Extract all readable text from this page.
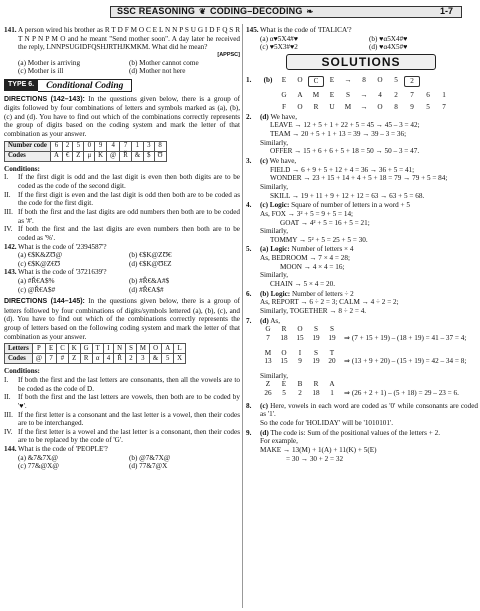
SSC REASONING ❦ CODING–DECODING ❧	1-7
141. A person wired his brother as R T D F M O C E L N N P S U G I D F Q S R T N P N P M O and he meant "Send mother soon". A day later he received the reply, LNNPSUGIDFQSHJRTHJKMKM. What did he mean?
[APPSC]
(a) Mother is arriving	(b) Mother cannot come
(c) Mother is ill	(d) Mother not here
TYPE 6.	Conditional Coding

DIRECTIONS (142–143): In the questions given below, there is a group of digits followed by four combinations of letters and symbols marked as (a), (b), (c) and (d). You have to find out which of the combinations correctly represents the group of digits based on the coding system and mark the letter of that combination as your answer.

Number code	6	2	5	0	9	4	7	1	3	8
Codes	A	€	Z	μ	K	@	Ř	&	$	Ʊ
Conditions:
I.	If the first digit is odd and the last digit is even then both digits are to be coded as the code of the second digit.
II.	If the first digit is even and the last digit is odd then both are to be coded as the code for the first digit.
III. If both the first and the last digits are odd numbers then both are to be coded as '#'.
IV. If both the first and the last digits are even numbers then both are to be coded as '%'.
142. What is the code of '2394587'?
(a) €$K&ZƱ@	(b) €$K@ZƱ€
(c) €$K@Z€Ʊ	(d) €$K@ƱƐZ
143. What is the code of '3721639'?
(a) #Ř€A$%	(b) #Ř€&A#$
(c) @Ř€A$#	(d) #Ř€A$#

DIRECTIONS (144–145): In the questions given below, there is a group of letters followed by four combinations of digits/symbols lettered (a), (b), (c), and (d). You have to find out which of the combinations correctly represents the group of letters based on the following coding system and mark the letter of that combination as your answer.

Letters	P	E	C	K	G	T	I	N	S	M	O	A	L
Codes	@	7	#	Z	R	α	4	Ř	2	3	&	5	X
Conditions:
I.	If both the first and the last letters are consonants, then all the vowels are to be coded as the code of D.
II.	If both the first and the last letters are vowels, then both are to be coded by '♥'.
III. If the first letter is a consonant and the last letter is a vowel, then their codes are to be interchanged.
IV. If the first letter is a vowel and the last letter is a consonant, then their codes are to be replaced by the code of 'G'.
144. What is the code of 'PEOPLE'?
(a) &7&7X@	(b) @7&7X@
(c) 77&@X@	(d) 77&7@X
145. What is the code of 'ITALICA'?
(a) α♥5X4#♥	(b) ♥α5X4#♥
(c) ♥5X3#♥2	(d) ♥α4X5#♥
SOLUTIONS
1.	(b)	E	O	C	E	→	8	O	5	2
G	A	M	E	S	→	4	2	7	6	1
F	O	R	U	M	→	O	8	9	5	7
2.	(d) We have,
LEAVE → 12 + 5 + 1 + 22 + 5 = 45 → 45 – 3 = 42;
TEAM → 20 + 5 + 1 + 13 = 39 → 39 – 3 = 36;
Similarly,
OFFER → 15 + 6 + 6 + 5 + 18 = 50 → 50 – 3 = 47.
3.	(c) We have,
FIELD → 6 + 9 + 5 + 12 + 4 = 36 → 36 + 5 = 41;
WONDER → 23 + 15 + 14 + 4 + 5 + 18 = 79 → 79 + 5 = 84;
Similarly,
SKILL → 19 + 11 + 9 + 12 + 12 = 63 → 63 + 5 = 68.
4.	(c) Logic: Square of number of letters in a word + 5
As, FOX → 3² + 5 = 9 + 5 = 14;
GOAT → 4² + 5 = 16 + 5 = 21;
Similarly,
TOMMY → 5² + 5 = 25 + 5 = 30.
5.	(a) Logic: Number of letters × 4
As, BEDROOM → 7 × 4 = 28;
MOON → 4 × 4 = 16;
Similarly,
CHAIN → 5 × 4 = 20.
6.	(b) Logic: Number of letters ÷ 2
As, REPORT → 6 ÷ 2 = 3; CALM → 4 ÷ 2 = 2;
Similarly, TOGETHER → 8 ÷ 2 = 4.
7.	(d) As,
G	R	O	S	S
7	18	15	19	19	⇒ (7 + 15 + 19) – (18 + 19) = 41 – 37 = 4;
M	O	I	S	T
13	15	9	19	20	⇒ (13 + 9 + 20) – (15 + 19) = 42 – 34 = 8;
Similarly,
Z	E	B	R	A
26	5	2	18	1	⇒ (26 + 2 + 1) – (5 + 18) = 29 – 23 = 6.
8.	(c) Here, vowels in each word are coded as '0' while consonants are coded as '1'.
So the code for 'HOLIDAY' will be '1010101'.
9.	(d) The code is: Sum of the positional values of the letters + 2.
For example,
MAKE → 13(M) + 1(A) + 11(K) + 5(E)
= 30 → 30 + 2 = 32
